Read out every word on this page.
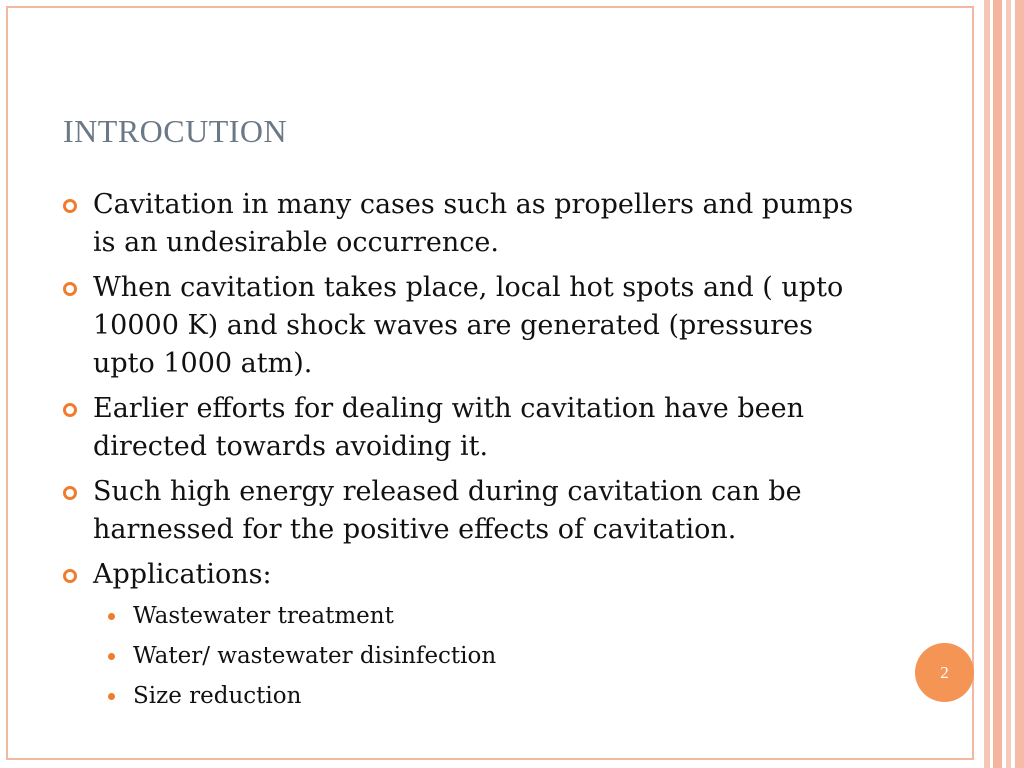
INTROCUTION
Cavitation in many cases such as propellers and pumps is an undesirable occurrence.
When cavitation takes place, local hot spots and ( upto 10000 K) and shock waves are generated (pressures upto 1000 atm).
Earlier efforts for dealing with cavitation have been directed towards avoiding it.
Such high energy released during cavitation can be harnessed for the positive effects of cavitation.
Applications:
Wastewater treatment
Water/ wastewater disinfection
Size reduction
2
